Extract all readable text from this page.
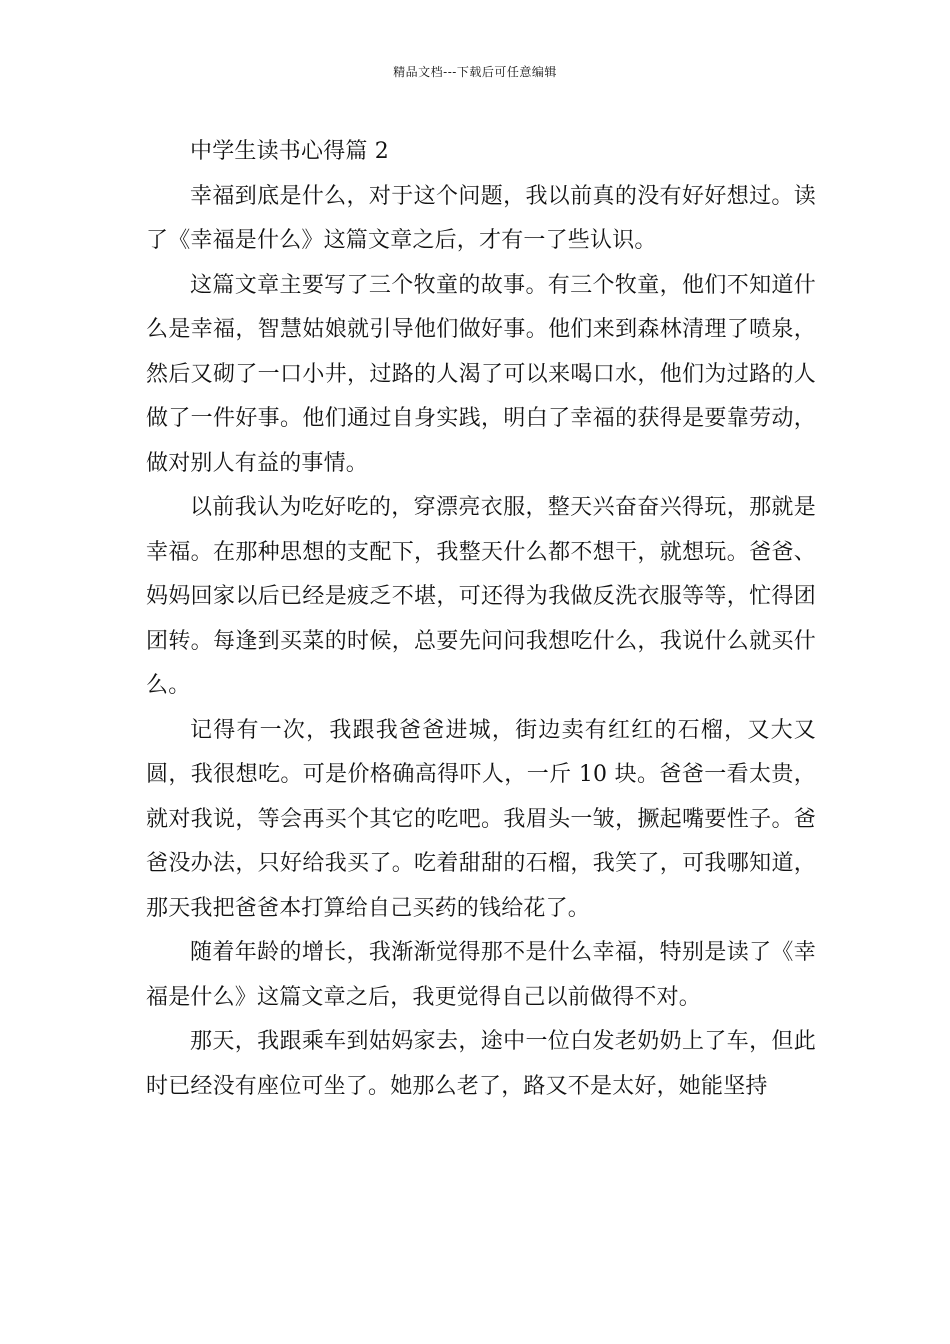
精品文档---下载后可任意编辑

中学生读书心得篇 2

幸福到底是什么，对于这个问题，我以前真的没有好好想过。读了《幸福是什么》这篇文章之后，才有一了些认识。

这篇文章主要写了三个牧童的故事。有三个牧童，他们不知道什么是幸福，智慧姑娘就引导他们做好事。他们来到森林清理了喷泉，然后又砌了一口小井，过路的人渴了可以来喝口水，他们为过路的人做了一件好事。他们通过自身实践，明白了幸福的获得是要靠劳动，做对别人有益的事情。

以前我认为吃好吃的，穿漂亮衣服，整天兴奋奋兴得玩，那就是幸福。在那种思想的支配下，我整天什么都不想干，就想玩。爸爸、妈妈回家以后已经是疲乏不堪，可还得为我做反洗衣服等等，忙得团团转。每逢到买菜的时候，总要先问问我想吃什么，我说什么就买什么。

记得有一次，我跟我爸爸进城，街边卖有红红的石榴，又大又圆，我很想吃。可是价格确高得吓人，一斤 10 块。爸爸一看太贵，就对我说，等会再买个其它的吃吧。我眉头一皱，撅起嘴要性子。爸爸没办法，只好给我买了。吃着甜甜的石榴，我笑了，可我哪知道，那天我把爸爸本打算给自己买药的钱给花了。

随着年龄的增长，我渐渐觉得那不是什么幸福，特别是读了《幸福是什么》这篇文章之后，我更觉得自己以前做得不对。

那天，我跟乘车到姑妈家去，途中一位白发老奶奶上了车，但此时已经没有座位可坐了。她那么老了，路又不是太好，她能坚持
